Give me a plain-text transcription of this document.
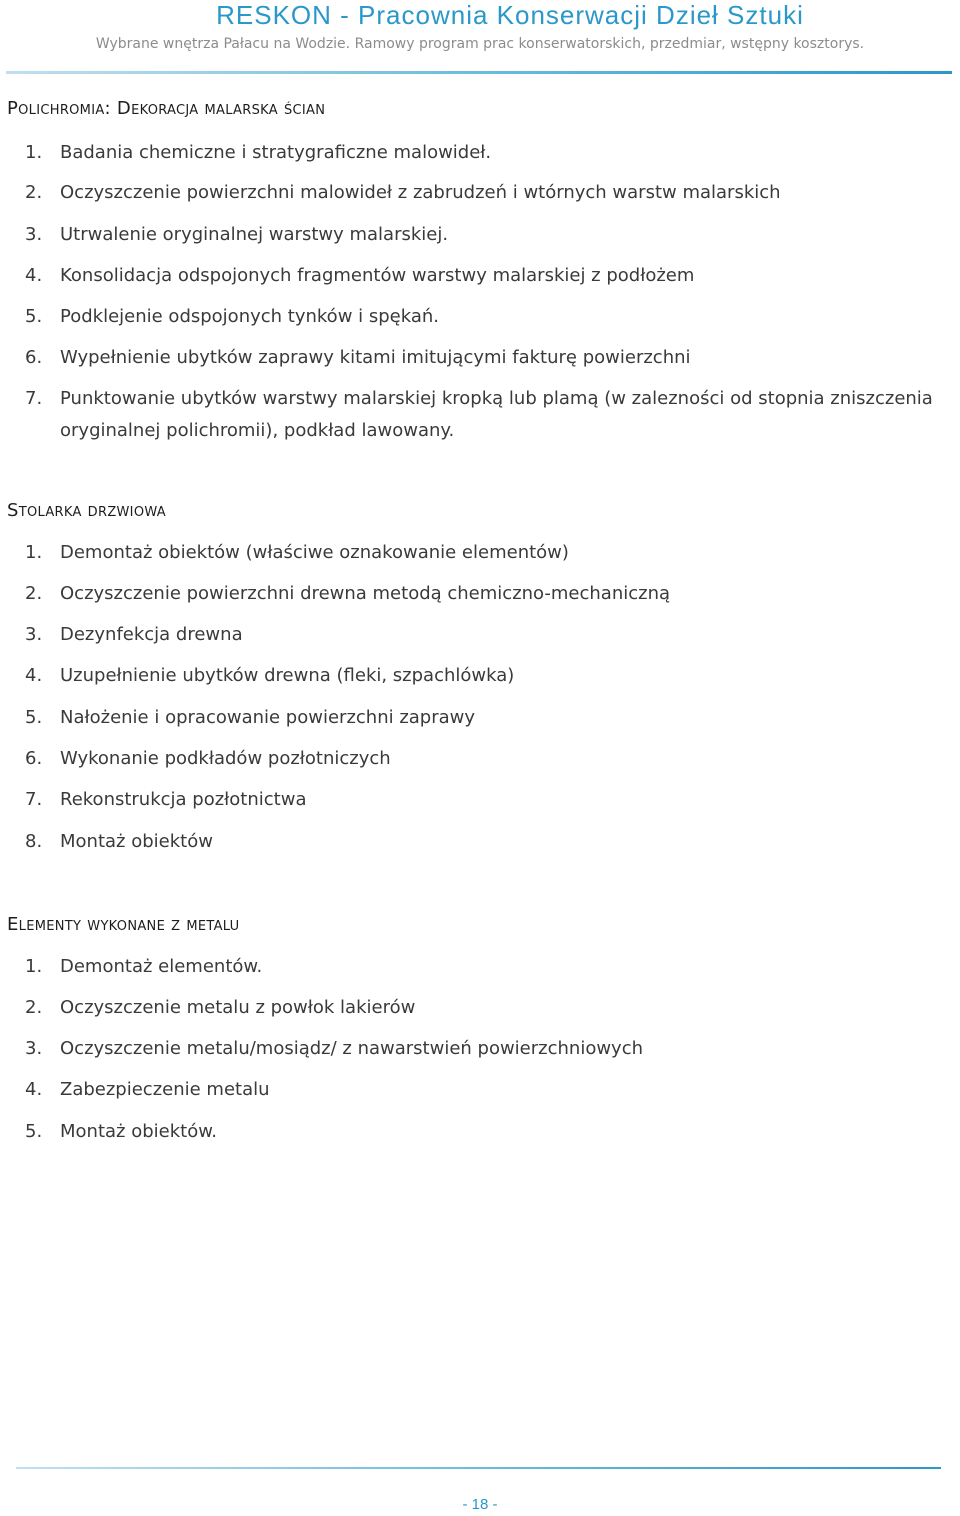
RESKON - Pracownia Konserwacji Dzieł Sztuki
Wybrane wnętrza Pałacu na Wodzie. Ramowy program prac konserwatorskich, przedmiar, wstępny kosztorys.
Polichromia: Dekoracja malarska ścian
1. Badania chemiczne i stratygraficzne malowideł.
2. Oczyszczenie powierzchni malowideł z zabrudzeń i wtórnych warstw malarskich
3. Utrwalenie oryginalnej warstwy malarskiej.
4. Konsolidacja odspojonych fragmentów warstwy malarskiej z podłożem
5. Podklejenie odspojonych tynków i spękań.
6. Wypełnienie ubytków zaprawy kitami imitującymi fakturę powierzchni
7. Punktowanie ubytków warstwy malarskiej kropką lub plamą (w zalezności od stopnia zniszczenia oryginalnej polichromii), podkład lawowany.
Stolarka drzwiowa
1. Demontaż obiektów (właściwe oznakowanie elementów)
2. Oczyszczenie powierzchni drewna metodą chemiczno-mechaniczną
3. Dezynfekcja drewna
4. Uzupełnienie ubytków drewna (fleki, szpachlówka)
5. Nałożenie i opracowanie powierzchni zaprawy
6. Wykonanie podkładów pozłotniczych
7. Rekonstrukcja pozłotnictwa
8. Montaż obiektów
Elementy wykonane z metalu
1. Demontaż elementów.
2. Oczyszczenie metalu z powłok lakierów
3. Oczyszczenie metalu/mosiądz/ z nawarstwień powierzchniowych
4. Zabezpieczenie metalu
5. Montaż obiektów.
- 18 -
